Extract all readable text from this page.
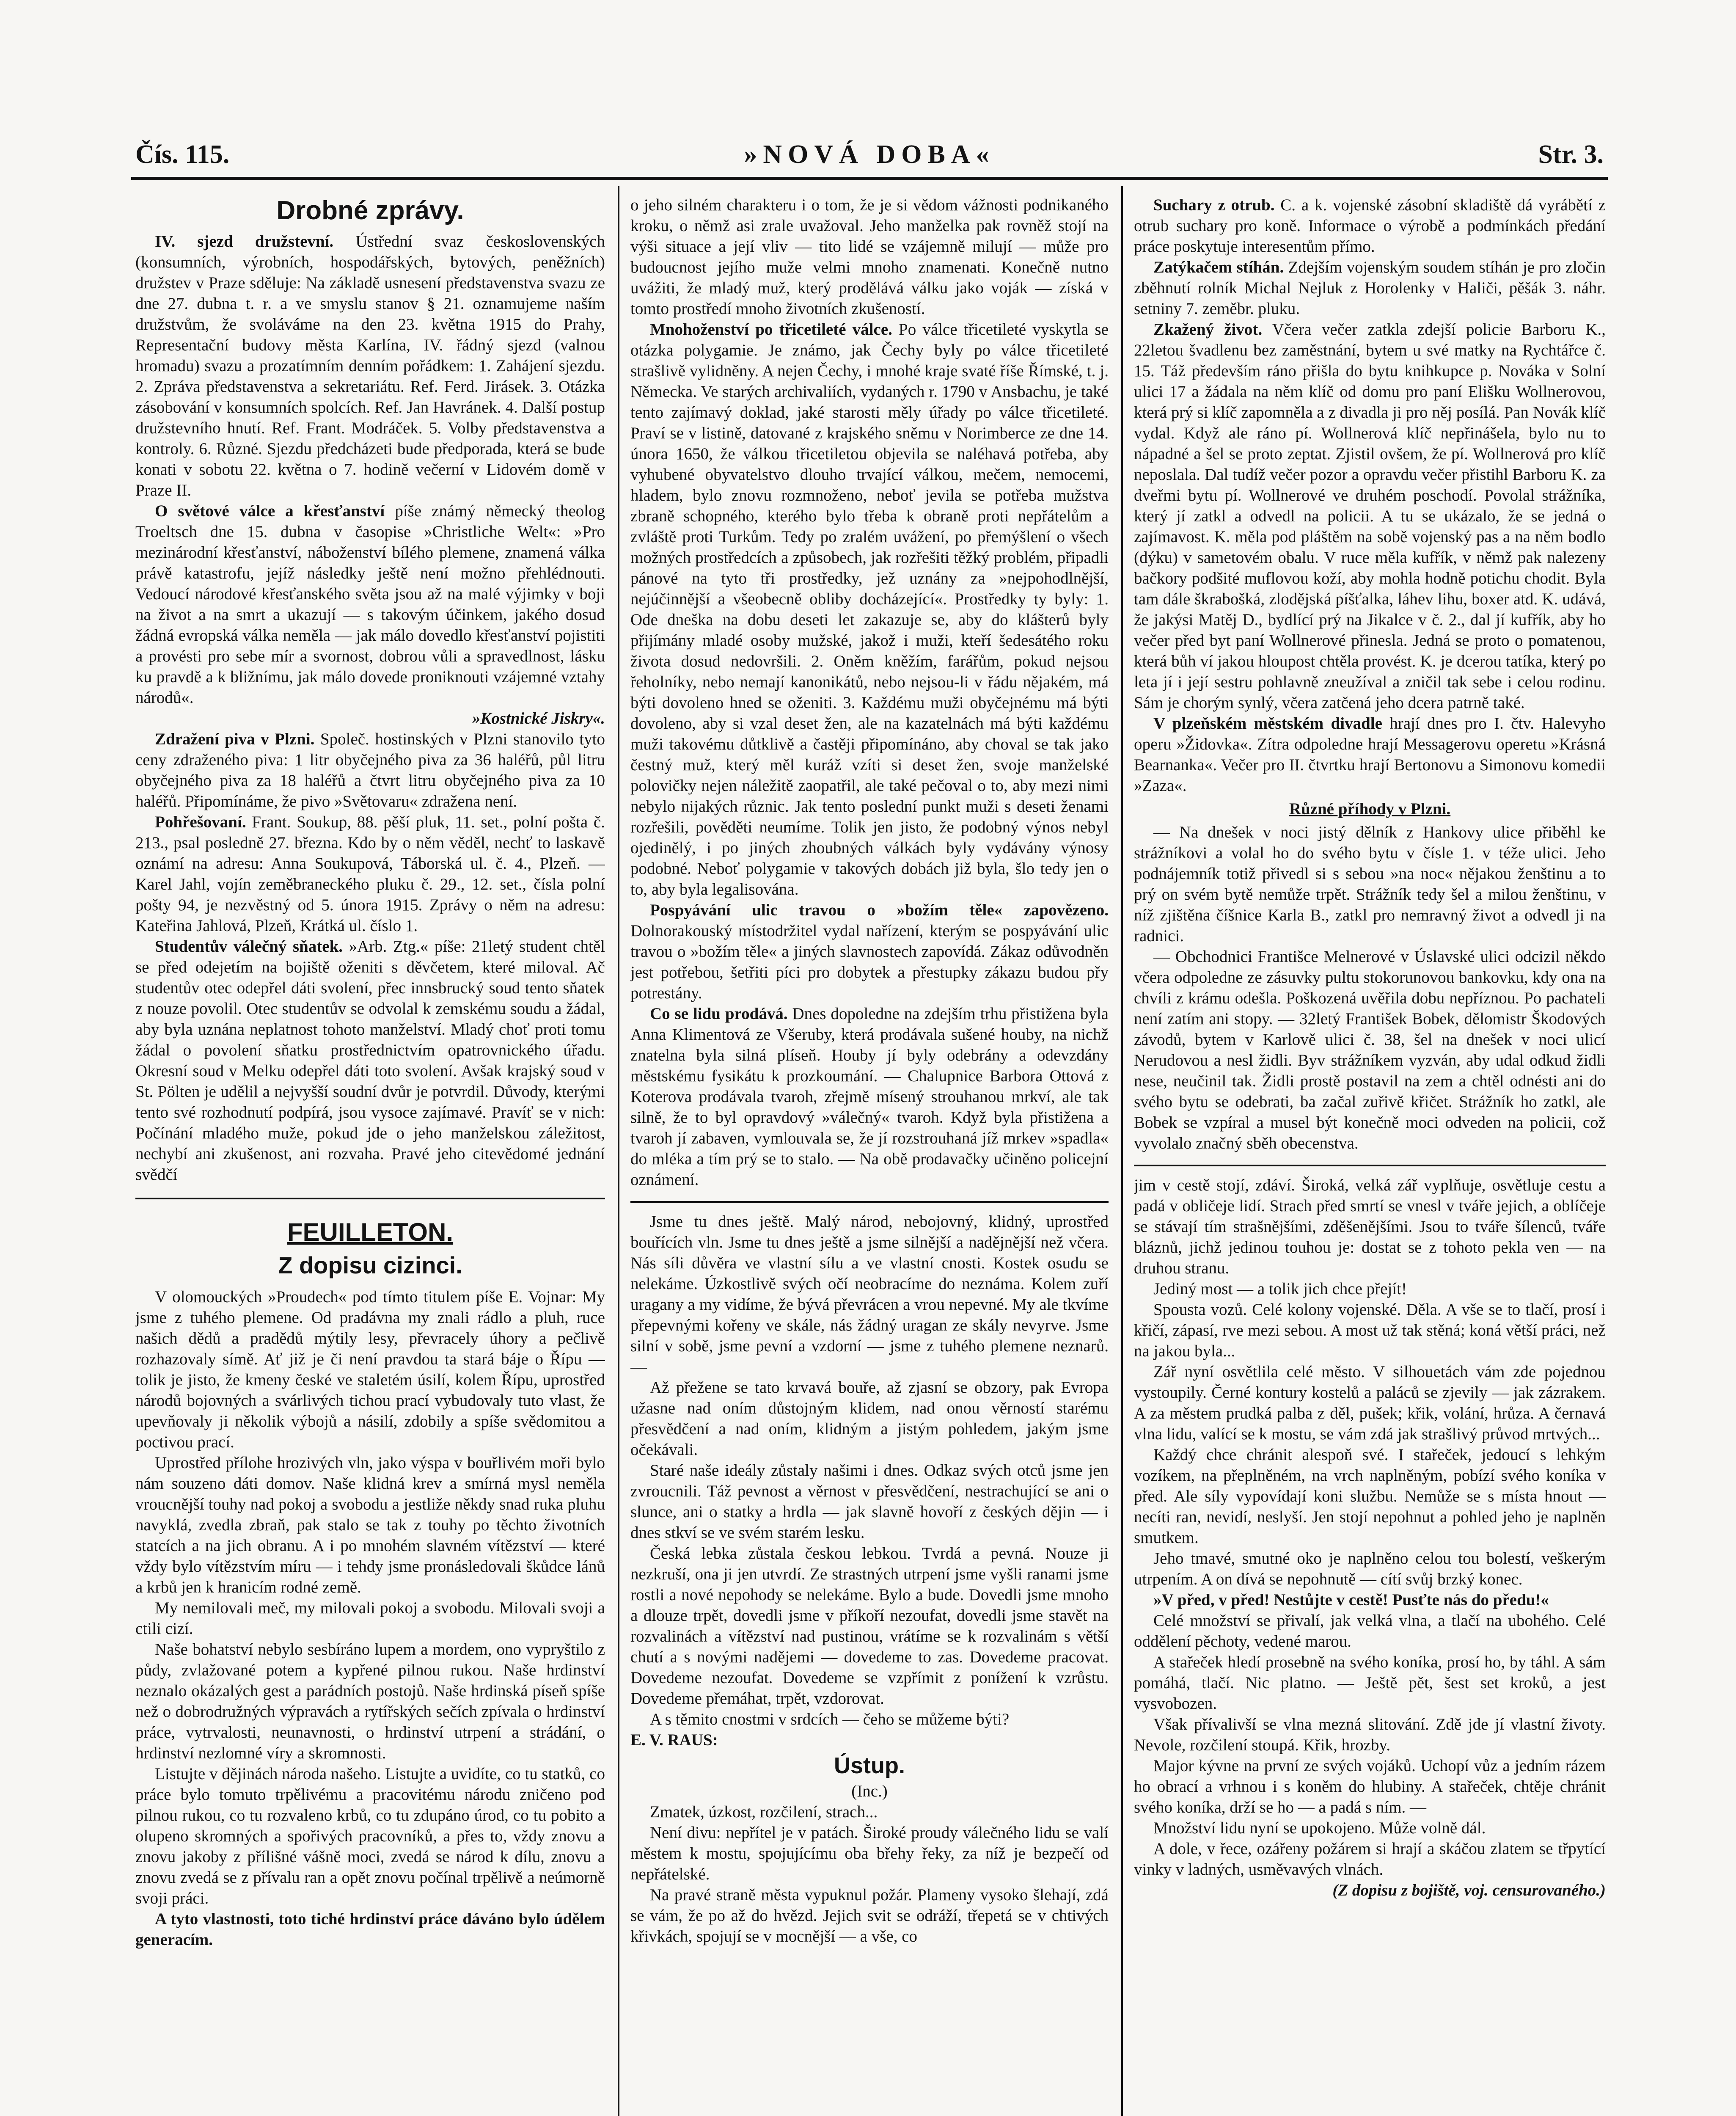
Čís. 115.	»NOVÁ DOBA«	Str. 3.

Drobné zprávy.

IV. sjezd družstevní. Ústřední svaz československých (konsumních, výrobních, hospodářských, bytových, peněžních) družstev v Praze sděluje: Na základě usnesení představenstva svazu ze dne 27. dubna t. r. a ve smyslu stanov § 21. oznamujeme naším družstvům, že svoláváme na den 23. května 1915 do Prahy, Representační budovy města Karlína, IV. řádný sjezd (valnou hromadu) svazu a prozatímním denním pořádkem: 1. Zahájení sjezdu. 2. Zpráva představenstva a sekretariátu. Ref. Ferd. Jirásek. 3. Otázka zásobování v konsumních spolcích. Ref. Jan Havránek. 4. Další postup družstevního hnutí. Ref. Frant. Modráček. 5. Volby představenstva a kontroly. 6. Různé. Sjezdu předcházeti bude předporada, která se bude konati v sobotu 22. května o 7. hodině večerní v Lidovém domě v Praze II.

O světové válce a křesťanství píše známý německý theolog Troeltsch dne 15. dubna v časopise »Christliche Welt«: »Pro mezinárodní křesťanství, náboženství bílého plemene, znamená válka právě katastrofu, jejíž následky ještě není možno přehlédnouti. Vedoucí národové křesťanského světa jsou až na malé výjimky v boji na život a na smrt a ukazují — s takovým účinkem, jakého dosud žádná evropská válka neměla — jak málo dovedlo křesťanství pojistiti a provésti pro sebe mír a svornost, dobrou vůli a spravedlnost, lásku ku pravdě a k bližnímu, jak málo dovede proniknouti vzájemné vztahy národů«.

»Kostnické Jiskry«.

Zdražení piva v Plzni. Společ. hostinských v Plzni stanovilo tyto ceny zdraženého piva: 1 litr obyčejného piva za 36 haléřů, půl litru obyčejného piva za 18 haléřů a čtvrt litru obyčejného piva za 10 haléřů. Připomínáme, že pivo »Světovaru« zdražena není.

Pohřešovaní. Frant. Soukup, 88. pěší pluk, 11. set., polní pošta č. 213., psal posledně 27. března. Kdo by o něm věděl, nechť to laskavě oznámí na adresu: Anna Soukupová, Táborská ul. č. 4., Plzeň. — Karel Jahl, vojín zeměbraneckého pluku č. 29., 12. set., čísla polní pošty 94, je nezvěstný od 5. února 1915. Zprávy o něm na adresu: Kateřina Jahlová, Plzeň, Krátká ul. číslo 1.

Studentův válečný sňatek. »Arb. Ztg.« píše: 21letý student chtěl se před odejetím na bojiště oženiti s děvčetem, které miloval. Ač studentův otec odepřel dáti svolení, přec innsbrucký soud tento sňatek z nouze povolil. Otec studentův se odvolal k zemskému soudu a žádal, aby byla uznána neplatnost tohoto manželství. Mladý choť proti tomu žádal o povolení sňatku prostřednictvím opatrovnického úřadu. Okresní soud v Melku odepřel dáti toto svolení. Avšak krajský soud v St. Pölten je udělil a nejvyšší soudní dvůr je potvrdil. Důvody, kterými tento své rozhodnutí podpírá, jsou vysoce zajímavé. Pravíť se v nich: Počínání mladého muže, pokud jde o jeho manželskou záležitost, nechybí ani zkušenost, ani rozvaha. Pravé jeho citevědomé jednání svědčí

FEUILLETON.

Z dopisu cizinci.

V olomouckých »Proudech« pod tímto titulem píše E. Vojnar: My jsme z tuhého plemene. Od pradávna my znali rádlo a pluh, ruce našich dědů a pradědů mýtily lesy, převracely úhory a pečlivě rozhazovaly símě. Ať již je či není pravdou ta stará báje o Řípu — tolik je jisto, že kmeny české ve staletém úsilí, kolem Řípu, uprostřed národů bojovných a svárlivých tichou prací vybudovaly tuto vlast, že upevňovaly ji několik výbojů a násilí, zdobily a spíše svědomitou a poctivou prací.

Uprostřed přílohe hrozivých vln, jako výspa v bouřlivém moři bylo nám souzeno dáti domov. Naše klidná krev a smírná mysl neměla vroucnější touhy nad pokoj a svobodu a jestliže někdy snad ruka pluhu navyklá, zvedla zbraň, pak stalo se tak z touhy po těchto životních statcích a na jich obranu. A i po mnohém slavném vítězství — které vždy bylo vítězstvím míru — i tehdy jsme pronásledovali škůdce lánů a krbů jen k hranicím rodné země.

My nemilovali meč, my milovali pokoj a svobodu. Milovali svoji a ctili cizí.

Naše bohatství nebylo sesbíráno lupem a mordem, ono vypryštilo z půdy, zvlažované potem a kypřené pilnou rukou. Naše hrdinství neznalo okázalých gest a parádních postojů. Naše hrdinská píseň spíše než o dobrodružných výpravách a rytířských sečích zpívala o hrdinství práce, vytrvalosti, neunavnosti, o hrdinství utrpení a strádání, o hrdinství nezlomné víry a skromnosti.

Listujte v dějinách národa našeho. Listujte a uvidíte, co tu statků, co práce bylo tomuto trpělivému a pracovitému národu zničeno pod pilnou rukou, co tu rozvaleno krbů, co tu zdupáno úrod, co tu pobito a olupeno skromných a spořivých pracovníků, a přes to, vždy znovu a znovu jakoby z přílišné vášně moci, zvedá se národ k dílu, znovu a znovu zvedá se z přívalu ran a opět znovu počínal trpělivě a neúmorně svoji práci.

A tyto vlastnosti, toto tiché hrdinství práce dáváno bylo údělem generacím.

o jeho silném charakteru i o tom, že je si vědom vážnosti podnikaného kroku, o němž asi zrale uvažoval. Jeho manželka pak rovněž stojí na výši situace a její vliv — tito lidé se vzájemně milují — může pro budoucnost jejího muže velmi mnoho znamenati. Konečně nutno uvážiti, že mladý muž, který prodělává válku jako voják — získá v tomto prostředí mnoho životních zkušeností.

Mnohoženství po třicetileté válce. Po válce třicetileté vyskytla se otázka polygamie. Je známo, jak Čechy byly po válce třicetileté strašlivě vylidněny. A nejen Čechy, i mnohé kraje svaté říše Římské, t. j. Německa. Ve starých archivaliích, vydaných r. 1790 v Ansbachu, je také tento zajímavý doklad, jaké starosti měly úřady po válce třicetileté. Praví se v listině, datované z krajského sněmu v Norimberce ze dne 14. února 1650, že válkou třicetiletou objevila se naléhavá potřeba, aby vyhubené obyvatelstvo dlouho trvající válkou, mečem, nemocemi, hladem, bylo znovu rozmnoženo, neboť jevila se potřeba mužstva zbraně schopného, kterého bylo třeba k obraně proti nepřátelům a zvláště proti Turkům. Tedy po zralém uvážení, po přemýšlení o všech možných prostředcích a způsobech, jak rozřešiti těžký problém, připadli pánové na tyto tři prostředky, jež uznány za »nejpohodlnější, nejúčinnější a všeobecně obliby docházející«. Prostředky ty byly: 1. Ode dneška na dobu deseti let zakazuje se, aby do klášterů byly přijímány mladé osoby mužské, jakož i muži, kteří šedesátého roku života dosud nedovršili. 2. Oněm kněžím, farářům, pokud nejsou řeholníky, nebo nemají kanonikátů, nebo nejsou-li v řádu nějakém, má býti dovoleno hned se oženiti. 3. Každému muži obyčejnému má býti dovoleno, aby si vzal deset žen, ale na kazatelnách má býti každému muži takovému důtklivě a častěji připomínáno, aby choval se tak jako čestný muž, který měl kuráž vzíti si deset žen, svoje manželské polovičky nejen náležitě zaopatřil, ale také pečoval o to, aby mezi nimi nebylo nijakých různic. Jak tento poslední punkt muži s deseti ženami rozřešili, pověděti neumíme. Tolik jen jisto, že podobný výnos nebyl ojedinělý, i po jiných zhoubných válkách byly vydávány výnosy podobné. Neboť polygamie v takových dobách již byla, šlo tedy jen o to, aby byla legalisována.

Pospyávání ulic travou o »božím těle« zapovězeno. Dolnorakouský místodržitel vydal nařízení, kterým se pospyávání ulic travou o »božím těle« a jiných slavnostech zapovídá. Zákaz odůvodněn jest potřebou, šetřiti píci pro dobytek a přestupky zákazu budou přy potrestány.

Co se lidu prodává. Dnes dopoledne na zdejším trhu přistižena byla Anna Klimentová ze Všeruby, která prodávala sušené houby, na nichž znatelna byla silná plíseň. Houby jí byly odebrány a odevzdány městskému fysikátu k prozkoumání. — Chalupnice Barbora Ottová z Koterova prodávala tvaroh, zřejmě mísený strouhanou mrkví, ale tak silně, že to byl opravdový »válečný« tvaroh. Když byla přistižena a tvaroh jí zabaven, vymlouvala se, že jí rozstrouhaná jíž mrkev »spadla« do mléka a tím prý se to stalo. — Na obě prodavačky učiněno policejní oznámení.

Jsme tu dnes ještě. Malý národ, nebojovný, klidný, uprostřed bouřících vln. Jsme tu dnes ještě a jsme silnější a nadějnější než včera. Nás síli důvěra ve vlastní sílu a ve vlastní cnosti. Kostek osudu se nelekáme. Úzkostlivě svých očí neobracíme do neznáma. Kolem zuří uragany a my vidíme, že bývá převrácen a vrou nepevné. My ale tkvíme přepevnými kořeny ve skále, nás žádný uragan ze skály nevyrve. Jsme silní v sobě, jsme pevní a vzdorní — jsme z tuhého plemene neznarů. —

Až přežene se tato krvavá bouře, až zjasní se obzory, pak Evropa užasne nad oním důstojným klidem, nad onou věrností starému přesvědčení a nad oním, klidným a jistým pohledem, jakým jsme očekávali.

Staré naše ideály zůstaly našimi i dnes. Odkaz svých otců jsme jen zvroucnili. Táž pevnost a věrnost v přesvědčení, nestrachující se ani o slunce, ani o statky a hrdla — jak slavně hovoří z českých dějin — i dnes stkví se ve svém starém lesku.

Česká lebka zůstala českou lebkou. Tvrdá a pevná. Nouze ji nezkruší, ona ji jen utvrdí. Ze strastných utrpení jsme vyšli ranami jsme rostli a nové nepohody se nelekáme. Bylo a bude. Dovedli jsme mnoho a dlouze trpět, dovedli jsme v příkoří nezoufat, dovedli jsme stavět na rozvalinách a vítězství nad pustinou, vrátíme se k rozvalinám s větší chutí a s novými nadějemi — dovedeme to zas. Dovedeme pracovat. Dovedeme nezoufat. Dovedeme se vzpřímit z ponížení k vzrůstu. Dovedeme přemáhat, trpět, vzdorovat.

A s těmito cnostmi v srdcích — čeho se můžeme býti?

E. V. RAUS:

Ústup.

(Inc.)

Zmatek, úzkost, rozčilení, strach...

Není divu: nepřítel je v patách. Široké proudy válečného lidu se valí městem k mostu, spojujícímu oba břehy řeky, za níž je bezpečí od nepřátelské.

Na pravé straně města vypuknul požár. Plameny vysoko šlehají, zdá se vám, že po až do hvězd. Jejich svit se odráží, třepetá se v chtivých křivkách, spojují se v mocnější — a vše, co

Suchary z otrub. C. a k. vojenské zásobní skladiště dá vyrábětí z otrub suchary pro koně. Informace o výrobě a podmínkách předání práce poskytuje interesentům přímo.

Zatýkačem stíhán. Zdejším vojenským soudem stíhán je pro zločin zběhnutí rolník Michal Nejluk z Horolenky v Haliči, pěšák 3. náhr. setniny 7. zeměbr. pluku.

Zkažený život. Včera večer zatkla zdejší policie Barboru K., 22letou švadlenu bez zaměstnání, bytem u své matky na Rychtářce č. 15. Táž především ráno přišla do bytu knihkupce p. Nováka v Solní ulici 17 a žádala na něm klíč od domu pro paní Elišku Wollnerovou, která prý si klíč zapomněla a z divadla ji pro něj posílá. Pan Novák klíč vydal. Když ale ráno pí. Wollnerová klíč nepřinášela, bylo nu to nápadné a šel se proto zeptat. Zjistil ovšem, že pí. Wollnerová pro klíč neposlala. Dal tudíž večer pozor a opravdu večer přistihl Barboru K. za dveřmi bytu pí. Wollnerové ve druhém poschodí. Povolal strážníka, který jí zatkl a odvedl na policii. A tu se ukázalo, že se jedná o zajímavost. K. měla pod pláštěm na sobě vojenský pas a na něm bodlo (dýku) v sametovém obalu. V ruce měla kufřík, v němž pak nalezeny bačkory podšité muflovou koží, aby mohla hodně potichu chodit. Byla tam dále škrabošká, zlodějská píšťalka, láhev lihu, boxer atd. K. udává, že jakýsi Matěj D., bydlící prý na Jikalce v č. 2., dal jí kufřík, aby ho večer před byt paní Wollnerové přinesla. Jedná se proto o pomatenou, která bůh ví jakou hloupost chtěla provést. K. je dcerou tatíka, který po leta jí i její sestru pohlavně zneužíval a zničil tak sebe i celou rodinu. Sám je chorým synlý, včera zatčená jeho dcera patrně také.

V plzeňském městském divadle hrají dnes pro I. čtv. Halevyho operu »Židovka«. Zítra odpoledne hrají Messagerovu operetu »Krásná Bearnanka«. Večer pro II. čtvrtku hrají Bertonovu a Simonovu komedii »Zaza«.

Různé příhody v Plzni.

— Na dnešek v noci jistý dělník z Hankovy ulice přiběhl ke strážníkovi a volal ho do svého bytu v čísle 1. v téže ulici. Jeho podnájemník totiž přivedl si s sebou »na noc« nějakou ženštinu a to prý on svém bytě nemůže trpět. Strážník tedy šel a milou ženštinu, v níž zjištěna číšnice Karla B., zatkl pro nemravný život a odvedl ji na radnici.

— Obchodnici Františce Melnerové v Úslavské ulici odcizil někdo včera odpoledne ze zásuvky pultu stokorunovou bankovku, kdy ona na chvíli z krámu odešla. Poškozená uvěřila dobu nepříznou. Po pachateli není zatím ani stopy. — 32letý František Bobek, dělomistr Škodových závodů, bytem v Karlově ulici č. 38, šel na dnešek v noci ulicí Nerudovou a nesl židli. Byv strážníkem vyzván, aby udal odkud židli nese, neučinil tak. Židli prostě postavil na zem a chtěl odnésti ani do svého bytu se odebrati, ba začal zuřivě křičet. Strážník ho zatkl, ale Bobek se vzpíral a musel být konečně moci odveden na policii, což vyvolalo značný sběh obecenstva.

jim v cestě stojí, zdáví. Široká, velká zář vyplňuje, osvětluje cestu a padá v obličeje lidí. Strach před smrtí se vnesl v tváře jejich, a oblíčeje se stávají tím strašnějšími, zděšenějšími. Jsou to tváře šílenců, tváře bláznů, jichž jedinou touhou je: dostat se z tohoto pekla ven — na druhou stranu.

Jediný most — a tolik jich chce přejít!

Spousta vozů. Celé kolony vojenské. Děla. A vše se to tlačí, prosí i křičí, zápasí, rve mezi sebou. A most už tak stěná; koná větší práci, než na jakou byla...

Zář nyní osvětlila celé město. V silhouetách vám zde pojednou vystoupily. Černé kontury kostelů a paláců se zjevily — jak zázrakem. A za městem prudká palba z děl, pušek; křik, volání, hrůza. A černavá vlna lidu, valící se k mostu, se vám zdá jak strašlivý průvod mrtvých...

Každý chce chránit alespoň své. I stařeček, jedoucí s lehkým vozíkem, na přeplněném, na vrch naplněným, pobízí svého koníka v před. Ale síly vypovídají koni službu. Nemůže se s místa hnout — necíti ran, nevidí, neslyší. Jen stojí nepohnut a pohled jeho je naplněn smutkem.

Jeho tmavé, smutné oko je naplněno celou tou bolestí, veškerým utrpením. A on dívá se nepohnutě — cítí svůj brzký konec.

»V před, v před! Nestůjte v cestě! Pusťte nás do předu!«

Celé množství se přivalí, jak velká vlna, a tlačí na ubohého. Celé oddělení pěchoty, vedené marou.

A stařeček hledí prosebně na svého koníka, prosí ho, by táhl. A sám pomáhá, tlačí. Nic platno. — Ještě pět, šest set kroků, a jest vysvobozen.

Však přívalivší se vlna mezná slitování. Zdě jde jí vlastní životy. Nevole, rozčilení stoupá. Křik, hrozby.

Major kývne na první ze svých vojáků. Uchopí vůz a jedním rázem ho obrací a vrhnou i s koněm do hlubiny. A stařeček, chtěje chránit svého koníka, drží se ho — a padá s ním. —

Množství lidu nyní se upokojeno. Může volně dál.

A dole, v řece, ozářeny požárem si hrají a skáčou zlatem se třpytící vinky v ladných, usměvavých vlnách.

(Z dopisu z bojiště, voj. censurovaného.)
